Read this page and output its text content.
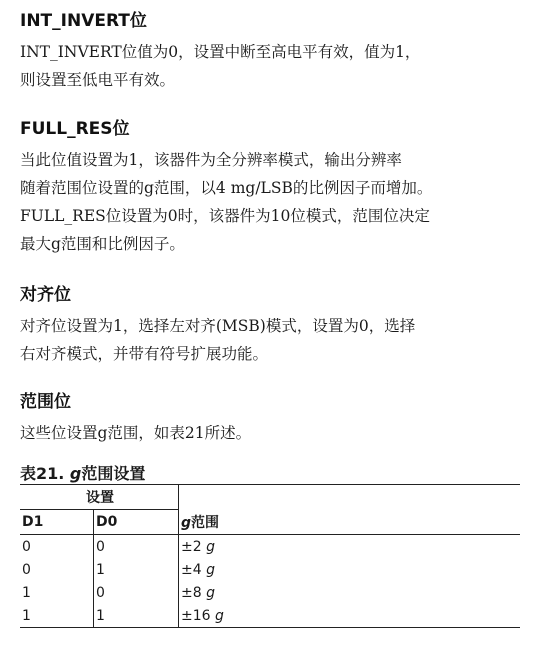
INT_INVERT位

INT_INVERT位值为0，设置中断至高电平有效，值为1，

则设置至低电平有效。

FULL_RES位

当此位值设置为1，该器件为全分辨率模式，输出分辨率

随着范围位设置的g范围，以4 mg/LSB的比例因子而增加。

FULL_RES位设置为0时，该器件为10位模式，范围位决定

最大g范围和比例因子。

对齐位

对齐位设置为1，选择左对齐(MSB)模式，设置为0，选择

右对齐模式，并带有符号扩展功能。

范围位

这些位设置g范围，如表21所述。

表21. g范围设置
设置		g范围
D1	D0	
0	0	±2 g
0	1	±4 g
1	0	±8 g
1	1	±16 g
